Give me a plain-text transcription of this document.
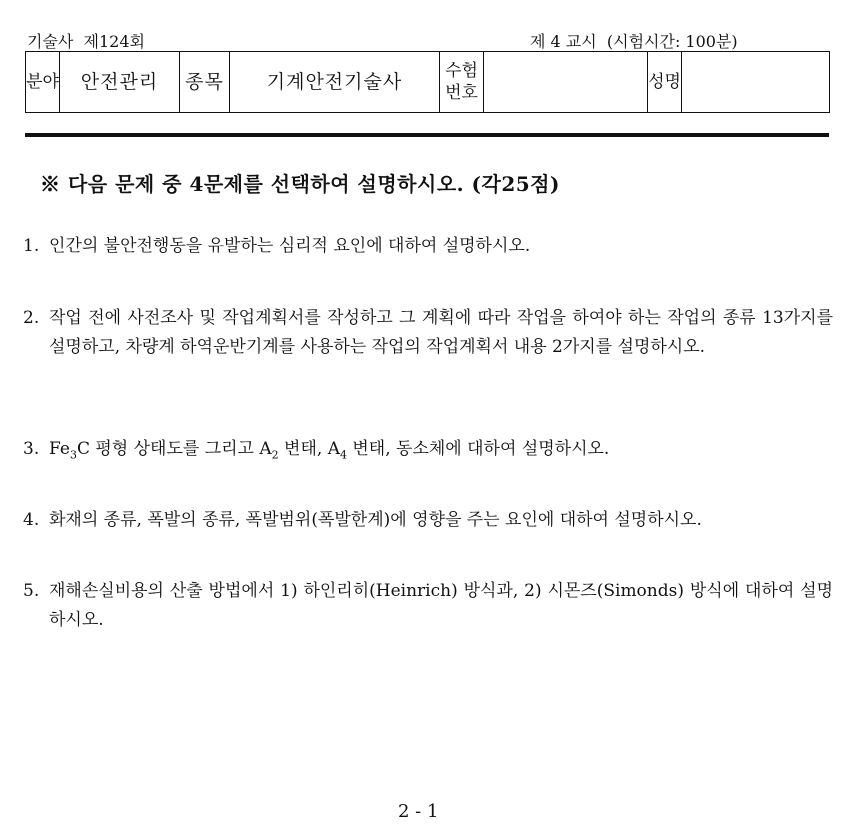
기술사  제124회	제 4 교시  (시험시간: 100분)
분야	안전관리	종목	기계안전기술사	수험번호		성명	
※ 다음 문제 중 4문제를 선택하여 설명하시오. (각25점)
1. 인간의 불안전행동을 유발하는 심리적 요인에 대하여 설명하시오.
2. 작업 전에 사전조사 및 작업계획서를 작성하고 그 계획에 따라 작업을 하여야 하는 작업의 종류 13가지를 설명하고, 차량계 하역운반기계를 사용하는 작업의 작업계획서 내용 2가지를 설명하시오.
3. $Fe_3C$ 평형 상태도를 그리고 $A_2$ 변태, $A_4$ 변태, 동소체에 대하여 설명하시오.
4. 화재의 종류, 폭발의 종류, 폭발범위(폭발한계)에 영향을 주는 요인에 대하여 설명하시오.
5. 재해손실비용의 산출 방법에서 1) 하인리히(Heinrich) 방식과, 2) 시몬즈(Simonds) 방식에 대하여 설명하시오.
2 - 1
